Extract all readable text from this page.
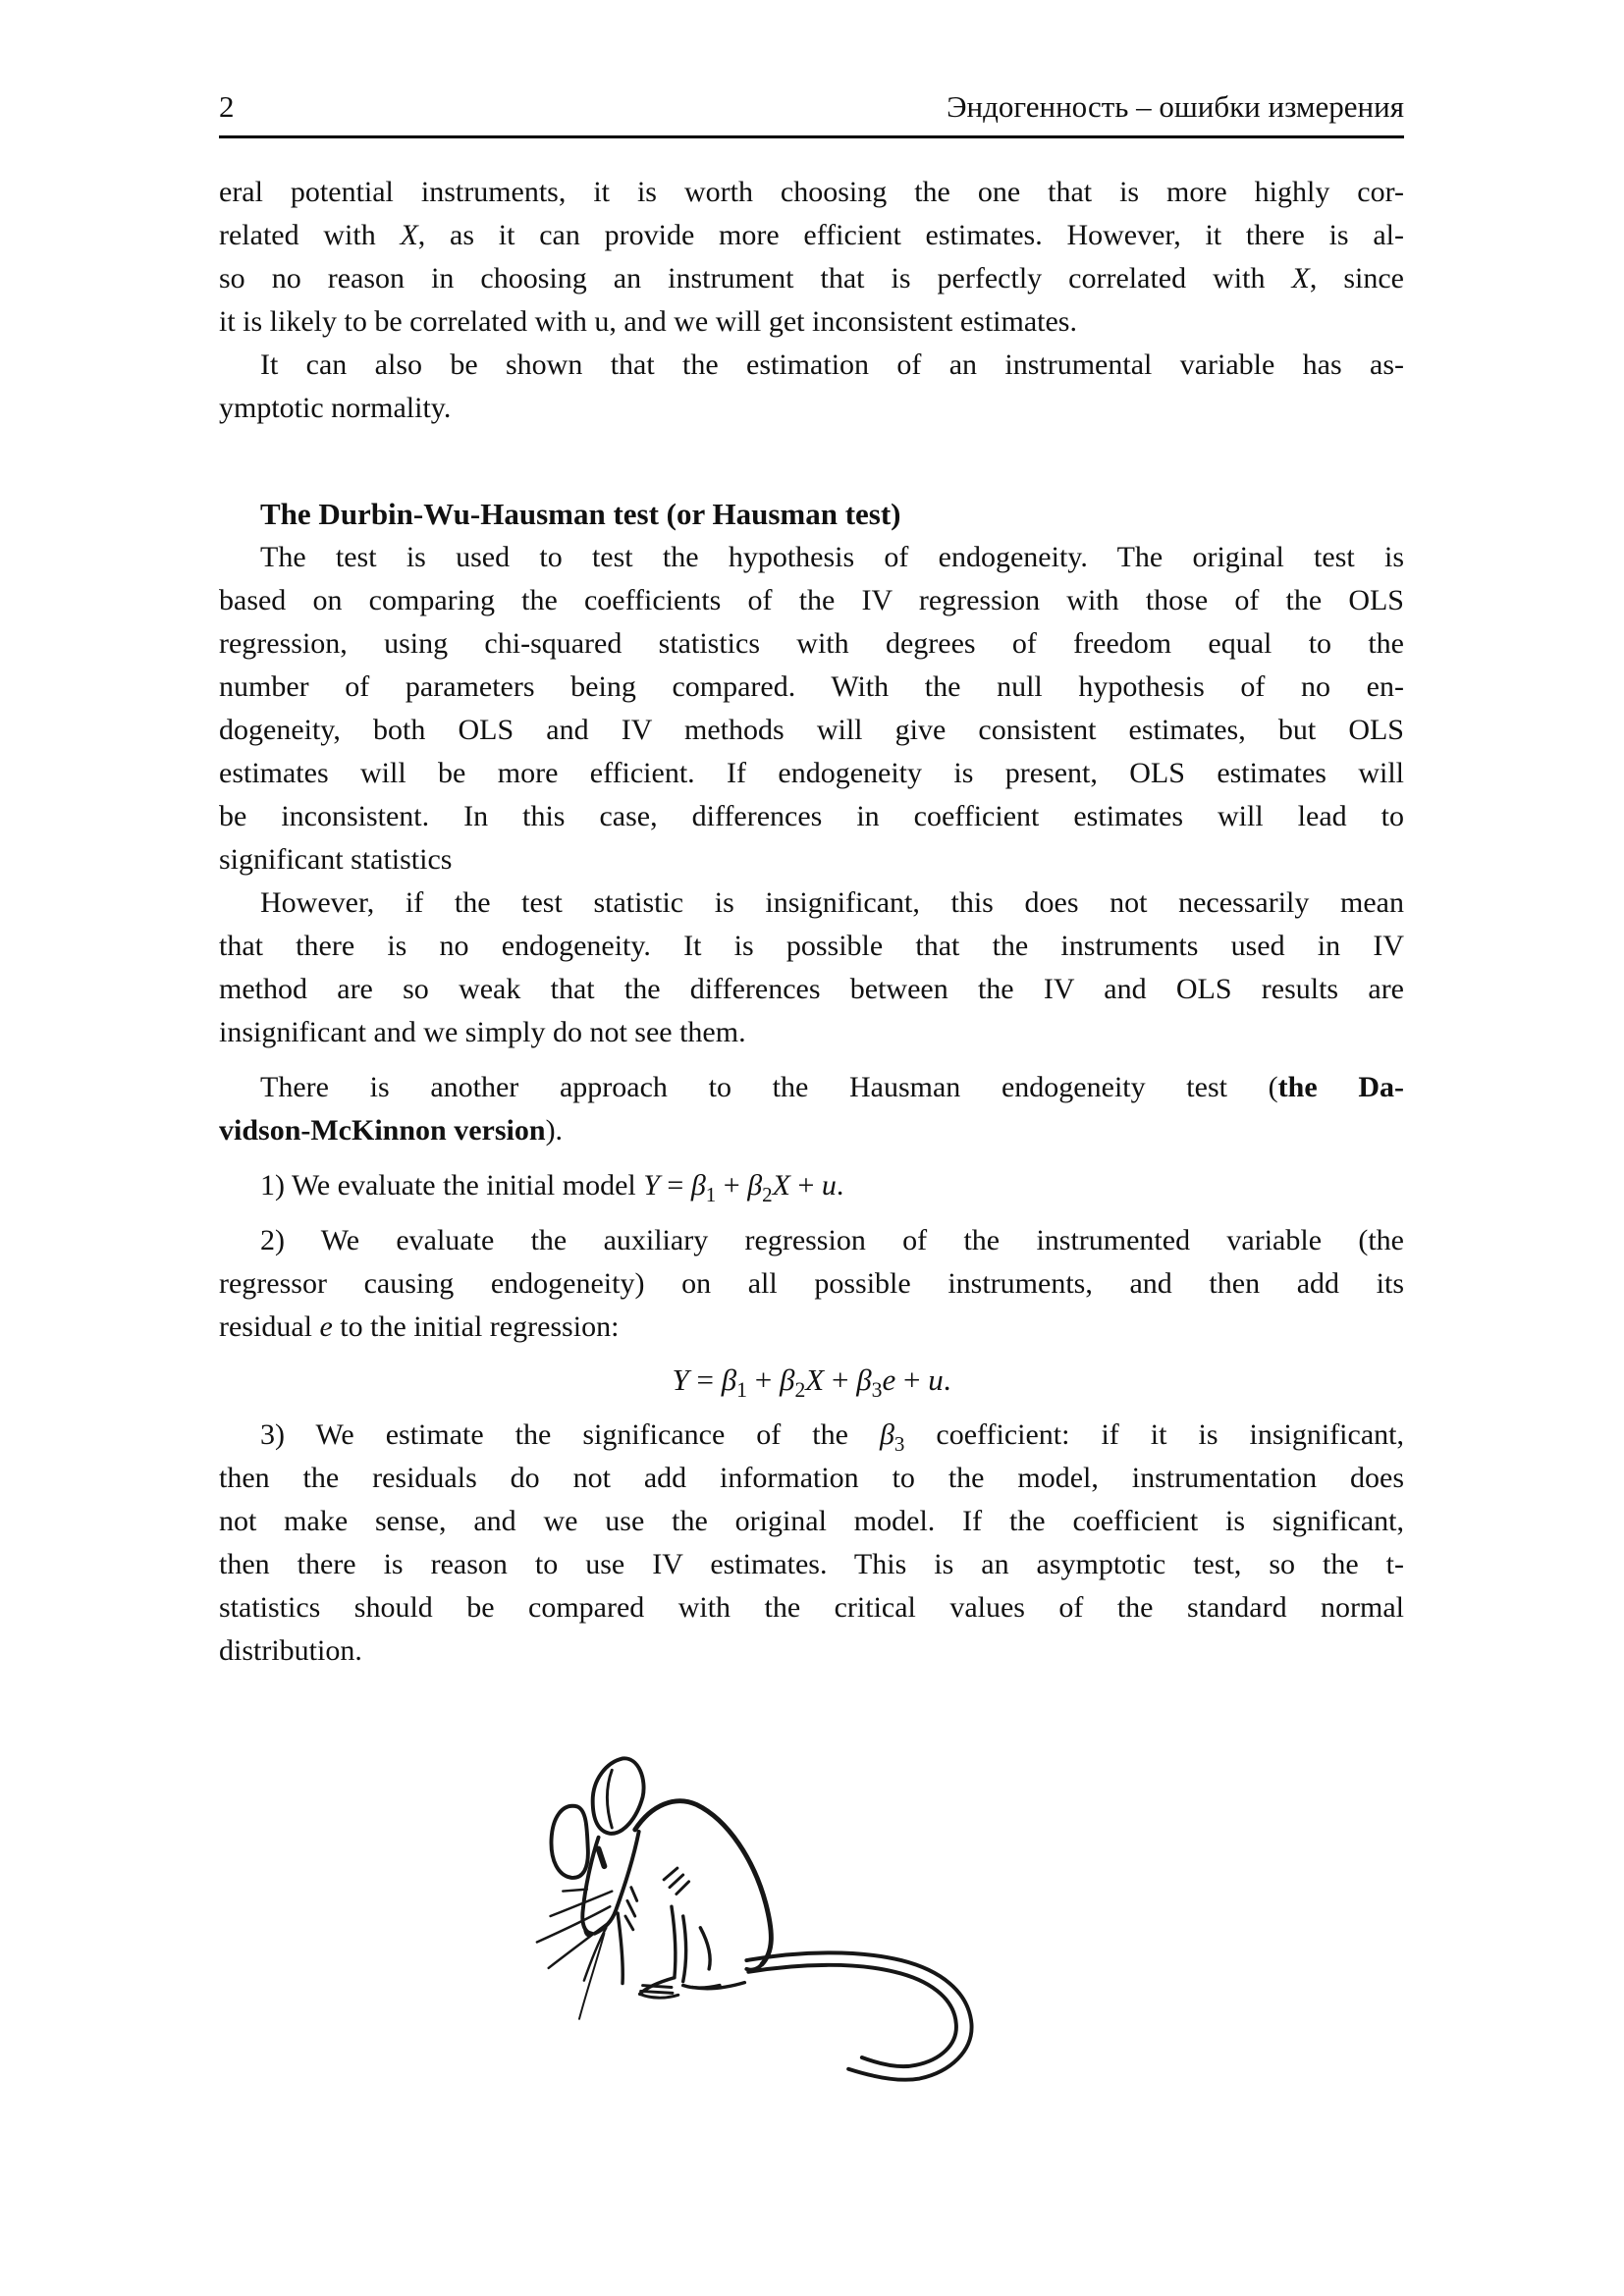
2	Эндогенность – ошибки измерения
eral potential instruments, it is worth choosing the one that is more highly cor-
related with X, as it can provide more efficient estimates. However, it there is al-
so no reason in choosing an instrument that is perfectly correlated with X, since
it is likely to be correlated with u, and we will get inconsistent estimates.
It can also be shown that the estimation of an instrumental variable has as-
ymptotic normality.
The Durbin-Wu-Hausman test (or Hausman test)
The test is used to test the hypothesis of endogeneity. The original test is
based on comparing the coefficients of the IV regression with those of the OLS
regression, using chi-squared statistics with degrees of freedom equal to the
number of parameters being compared. With the null hypothesis of no en-
dogeneity, both OLS and IV methods will give consistent estimates, but OLS
estimates will be more efficient. If endogeneity is present, OLS estimates will
be inconsistent. In this case, differences in coefficient estimates will lead to
significant statistics
However, if the test statistic is insignificant, this does not necessarily mean
that there is no endogeneity. It is possible that the instruments used in IV
method are so weak that the differences between the IV and OLS results are
insignificant and we simply do not see them.
There is another approach to the Hausman endogeneity test (the Da-
vidson-McKinnon version).
1) We evaluate the initial model $Y = \beta_1 + \beta_2X + u$.
2) We evaluate the auxiliary regression of the instrumented variable (the
regressor causing endogeneity) on all possible instruments, and then add its
residual e to the initial regression:
$Y = \beta_1 + \beta_2X + \beta_3e + u$.
3) We estimate the significance of the $\beta_3$ coefficient: if it is insignificant,
then the residuals do not add information to the model, instrumentation does
not make sense, and we use the original model. If the coefficient is significant,
then there is reason to use IV estimates. This is an asymptotic test, so the t-
statistics should be compared with the critical values of the standard normal
distribution.
